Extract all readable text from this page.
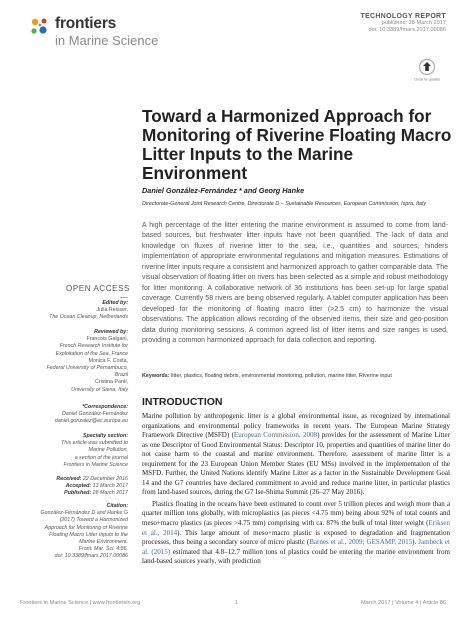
frontiers
in Marine Science
TECHNOLOGY REPORT
published: 28 March 2017
doi: 10.3389/fmars.2017.00086
Check for updates
Toward a Harmonized Approach for Monitoring of Riverine Floating Macro Litter Inputs to the Marine Environment
Daniel González-Fernández * and Georg Hanke
Directorate-General Joint Research Centre, Directorate D – Sustainable Resources, European Commission, Ispra, Italy
A high percentage of the litter entering the marine environment is assumed to come from land-based sources, but freshwater litter inputs have not been quantified. The lack of data and knowledge on fluxes of riverine litter to the sea, i.e., quantities and sources, hinders implementation of appropriate environmental regulations and mitigation measures. Estimations of riverine litter inputs require a consistent and harmonized approach to gather comparable data. The visual observation of floating litter on rivers has been selected as a simple and robust methodology for litter monitoring. A collaborative network of 36 institutions has been set-up for large spatial coverage. Currently 58 rivers are being observed regularly. A tablet computer application has been developed for the monitoring of floating macro litter (>2.5 cm) to harmonize the visual observations. The application allows recording of the observed items, their size and geo-position data during monitoring sessions. A common agreed list of litter items and size ranges is used, providing a common harmonized approach for data collection and reporting.
Keywords: litter, plastics, floating debris, environmental monitoring, pollution, marine litter, Riverine input
OPEN ACCESS
Edited by:
Julia Reisser,
The Ocean Cleanup, Netherlands
Reviewed by:
Francois Galgani,
French Research Institute for
Exploitation of the Sea, France
Monica F. Costa,
Federal University of Pernambuco,
Brazil
Cristina Panti,
University of Siena, Italy
*Correspondence:
Daniel González-Fernández
daniel.gonzalez@ec.europa.eu
Specialty section:
This article was submitted to
Marine Pollution,
a section of the journal
Frontiers in Marine Science
Received: 22 December 2016
Accepted: 13 March 2017
Published: 28 March 2017
Citation:
González-Fernández D and Hanke G
(2017) Toward a Harmonized
Approach for Monitoring of Riverine
Floating Macro Litter Inputs to the
Marine Environment.
Front. Mar. Sci. 4:86.
doi: 10.3389/fmars.2017.00086
INTRODUCTION
Marine pollution by anthropogenic litter is a global environmental issue, as recognized by international organizations and environmental policy frameworks in recent years. The European Marine Strategy Framework Directive (MSFD) (European Commission, 2008) provides for the assessment of Marine Litter as one Descriptor of Good Environmental Status: Descriptor 10, properties and quantities of marine litter do not cause harm to the coastal and marine environment. Therefore, assessment of marine litter is a requirement for the 23 European Union Member States (EU MSs) involved in the implementation of the MSFD. Further, the United Nations identify Marine Litter as a factor in the Sustainable Development Goal 14 and the G7 countries have declared commitment to avoid and reduce marine litter, in particular plastics from land-based sources, during the G7 Ise-Shima Summit (26–27 May 2016).
Plastics floating in the oceans have been estimated to count over 5 trillion pieces and weigh more than a quarter million tons globally, with microplastics (as pieces <4.75 mm) being about 92% of total counts and meso+macro plastics (as pieces >4.75 mm) comprising with ca. 87% the bulk of total litter weight (Eriksen et al., 2014). This large amount of meso+macro plastic is exposed to degradation and fragmentation processes, thus being a secondary source of micro plastic (Barnes et al., 2009; GESAMP, 2015). Jambeck et al. (2015) estimated that 4.8–12.7 million tons of plastics could be entering the marine environment from land-based sources yearly, with prediction
Frontiers in Marine Science | www.frontiersin.org	1	March 2017 | Volume 4 | Article 86
